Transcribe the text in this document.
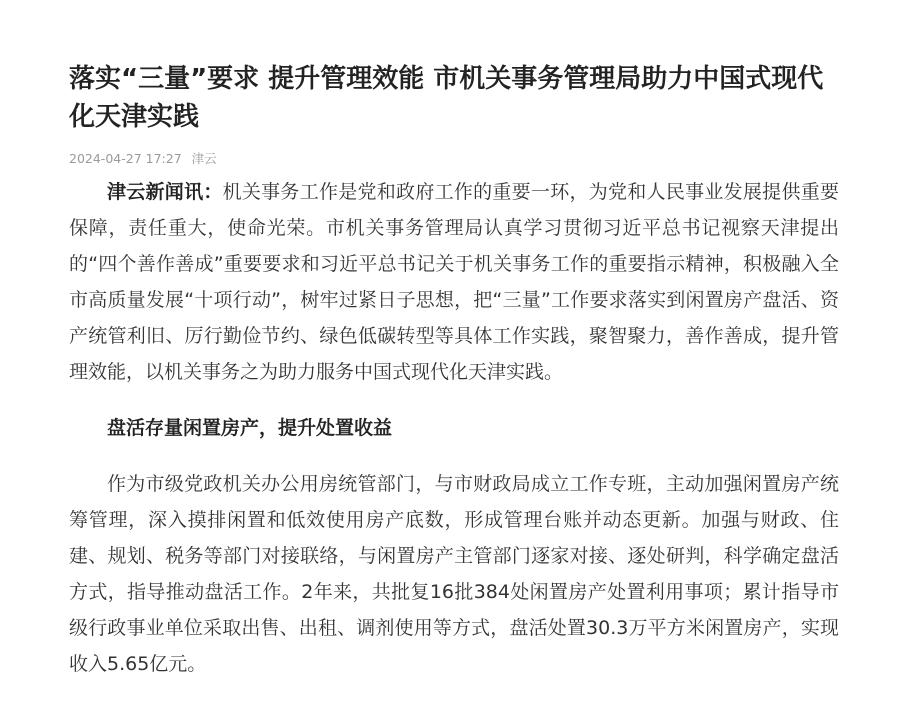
落实“三量”要求 提升管理效能 市机关事务管理局助力中国式现代化天津实践
2024-04-27 17:27 津云

津云新闻讯：机关事务工作是党和政府工作的重要一环，为党和人民事业发展提供重要保障，责任重大，使命光荣。市机关事务管理局认真学习贯彻习近平总书记视察天津提出的“四个善作善成”重要要求和习近平总书记关于机关事务工作的重要指示精神，积极融入全市高质量发展“十项行动”，树牢过紧日子思想，把“三量”工作要求落实到闲置房产盘活、资产统管利旧、厉行勤俭节约、绿色低碳转型等具体工作实践，聚智聚力，善作善成，提升管理效能，以机关事务之为助力服务中国式现代化天津实践。

盘活存量闲置房产，提升处置收益

作为市级党政机关办公用房统管部门，与市财政局成立工作专班，主动加强闲置房产统筹管理，深入摸排闲置和低效使用房产底数，形成管理台账并动态更新。加强与财政、住建、规划、税务等部门对接联络，与闲置房产主管部门逐家对接、逐处研判，科学确定盘活方式，指导推动盘活工作。2年来，共批复16批384处闲置房产处置利用事项；累计指导市级行政事业单位采取出售、出租、调剂使用等方式，盘活处置30.3万平方米闲置房产，实现收入5.65亿元。
